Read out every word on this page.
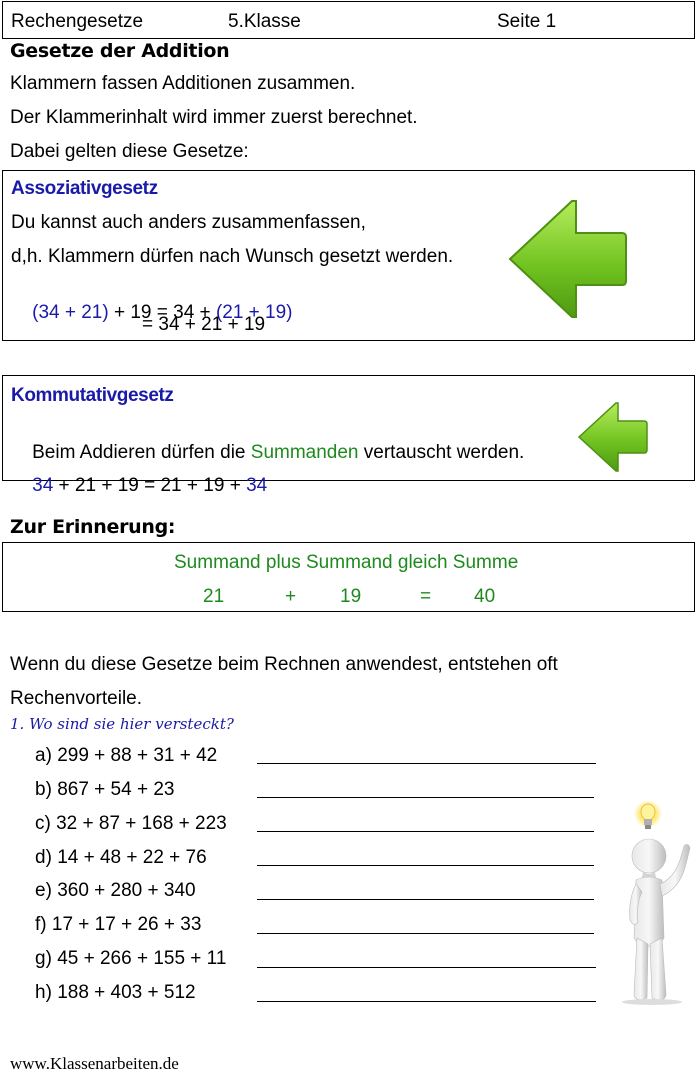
Rechengesetze	5.Klasse	Seite 1
Gesetze der Addition
Klammern fassen Additionen zusammen.
Der Klammerinhalt wird immer zuerst berechnet.
Dabei gelten diese Gesetze:
Assoziativgesetz
Du kannst auch anders zusammenfassen,
d,h. Klammern dürfen nach Wunsch gesetzt werden.

(34 + 21) + 19 = 34 + (21 + 19)

= 34 + 21 + 19
Kommutativgesetz

Beim Addieren dürfen die Summanden vertauscht werden.

34 + 21 + 19 = 21 + 19 + 34

Zur Erinnerung:
Summand plus Summand gleich Summe
21	+ 19	= 40
Wenn du diese Gesetze beim Rechnen anwendest, entstehen oft
Rechenvorteile.
1. Wo sind sie hier versteckt?
a) 299 + 88 + 31 + 42
b) 867 + 54 + 23
c) 32 + 87 + 168 + 223
d) 14 + 48 + 22 + 76
e) 360 + 280 + 340
f) 17 + 17 + 26 + 33
g) 45 + 266 + 155 + 11
h) 188 + 403 + 512
www.Klassenarbeiten.de
